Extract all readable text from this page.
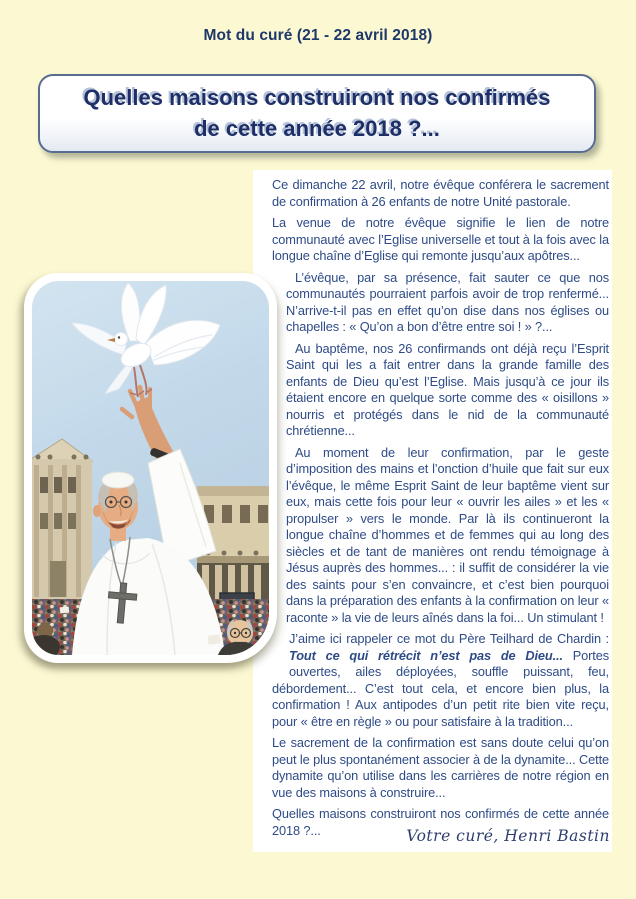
Mot du curé (21 - 22 avril 2018)
Quelles maisons construiront nos confirmés
de cette année 2018 ?...

Ce dimanche 22 avril, notre évêque conférera le sacrement de confirmation à 26 enfants de notre Unité pastorale.

La venue de notre évêque signifie le lien de notre communauté avec l’Eglise universelle et tout à la fois avec la longue chaîne d’Eglise qui remonte jusqu’aux apôtres...

L’évêque, par sa présence, fait sauter ce que nos communautés pourraient parfois avoir de trop renfermé... N’arrive-t-il pas en effet qu’on dise dans nos églises ou chapelles : « Qu’on a bon d’être entre soi ! » ?...

Au baptême, nos 26 confirmands ont déjà reçu l’Esprit Saint qui les a fait entrer dans la grande famille des enfants de Dieu qu’est l’Eglise. Mais jusqu’à ce jour ils étaient encore en quelque sorte comme des « oisillons » nourris et protégés dans le nid de la communauté chrétienne...

Au moment de leur confirmation, par le geste d’imposition des mains et l’onction d’huile que fait sur eux l’évêque, le même Esprit Saint de leur baptême vient sur eux, mais cette fois pour leur « ouvrir les ailes » et les « propulser » vers le monde. Par là ils continueront la longue chaîne d’hommes et de femmes qui au long des siècles et de tant de manières ont rendu témoignage à Jésus auprès des hommes... : il suffit de considérer la vie des saints pour s’en convaincre, et c’est bien pourquoi dans la préparation des enfants à la confirmation on leur « raconte » la vie de leurs aînés dans la foi... Un stimulant !

J’aime ici rappeler ce mot du Père Teilhard de Chardin : Tout ce qui rétrécit n’est pas de Dieu... Portes ouvertes, ailes déployées, souffle puissant, feu, débordement... C’est tout cela, et encore bien plus, la confirmation ! Aux antipodes d’un petit rite bien vite reçu, pour « être en règle » ou pour satisfaire à la tradition...

Le sacrement de la confirmation est sans doute celui qu’on peut le plus spontanément associer à de la dynamite... Cette dynamite qu’on utilise dans les carrières de notre région en vue des maisons à construire...

Quelles maisons construiront nos confirmés de cette année 2018 ?...	Votre curé, Henri Bastin
